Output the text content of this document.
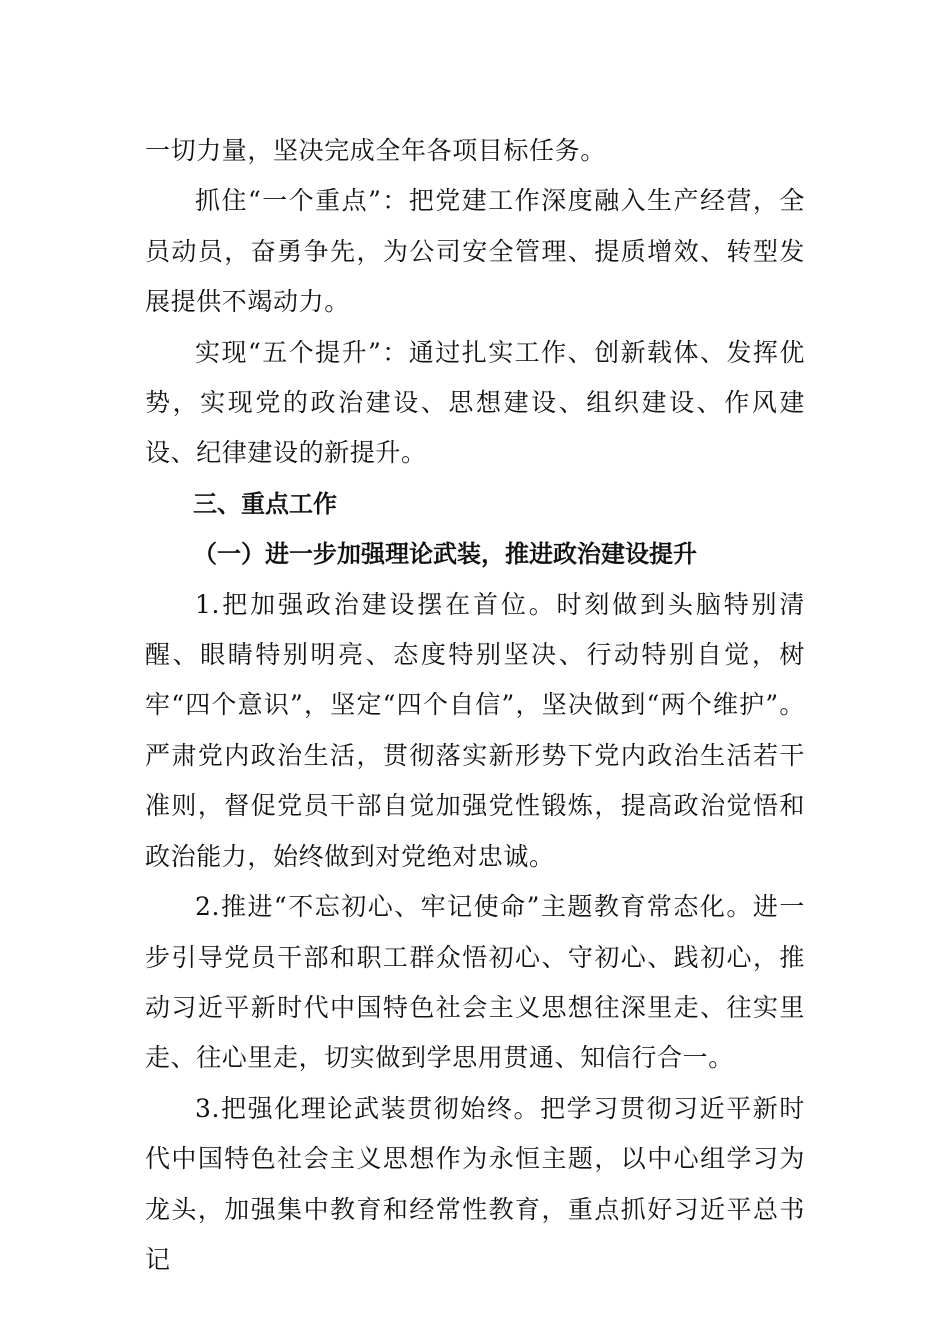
一切力量，坚决完成全年各项目标任务。

抓住“一个重点”：把党建工作深度融入生产经营，全员动员，奋勇争先，为公司安全管理、提质增效、转型发展提供不竭动力。

实现“五个提升”：通过扎实工作、创新载体、发挥优势，实现党的政治建设、思想建设、组织建设、作风建设、纪律建设的新提升。

三、重点工作

（一）进一步加强理论武装，推进政治建设提升

1.把加强政治建设摆在首位。时刻做到头脑特别清醒、眼睛特别明亮、态度特别坚决、行动特别自觉，树牢“四个意识”，坚定“四个自信”，坚决做到“两个维护”。严肃党内政治生活，贯彻落实新形势下党内政治生活若干准则，督促党员干部自觉加强党性锻炼，提高政治觉悟和政治能力，始终做到对党绝对忠诚。

2.推进“不忘初心、牢记使命”主题教育常态化。进一步引导党员干部和职工群众悟初心、守初心、践初心，推动习近平新时代中国特色社会主义思想往深里走、往实里走、往心里走，切实做到学思用贯通、知信行合一。

3.把强化理论武装贯彻始终。把学习贯彻习近平新时代中国特色社会主义思想作为永恒主题，以中心组学习为龙头，加强集中教育和经常性教育，重点抓好习近平总书记
